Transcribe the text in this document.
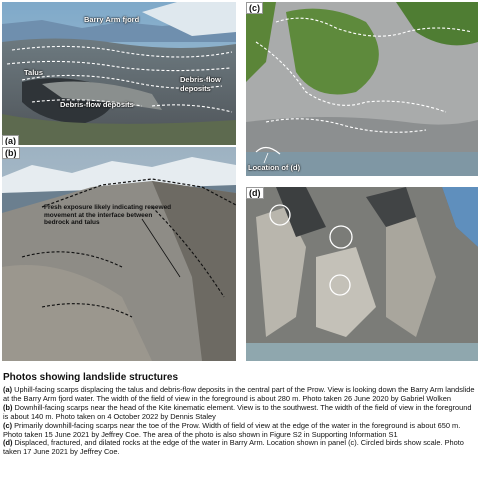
(a)
Barry Arm fjord
Talus
Debris-flow deposits
Debris-flow deposits
(b)
Fresh exposure likely indicating renewed movement at the interface between bedrock and talus
(c)
Location of (d)
(d)
Photos showing landslide structures

(a) Uphill-facing scarps displacing the talus and debris-flow deposits in the central part of the Prow. View is looking down the Barry Arm landslide at the Barry Arm fjord water. The width of the field of view in the foreground is about 280 m. Photo taken 26 June 2020 by Gabriel Wolken

(b) Downhill-facing scarps near the head of the Kite kinematic element. View is to the southwest. The width of the field of view in the foreground is about 140 m. Photo taken on 4 October 2022 by Dennis Staley

(c) Primarily downhill-facing scarps near the toe of the Prow. Width of field of view at the edge of the water in the foreground is about 650 m. Photo taken 15 June 2021 by Jeffrey Coe. The area of the photo is also shown in Figure S2 in Supporting Information S1

(d) Displaced, fractured, and dilated rocks at the edge of the water in Barry Arm. Location shown in panel (c). Circled birds show scale. Photo taken 17 June 2021 by Jeffrey Coe.
